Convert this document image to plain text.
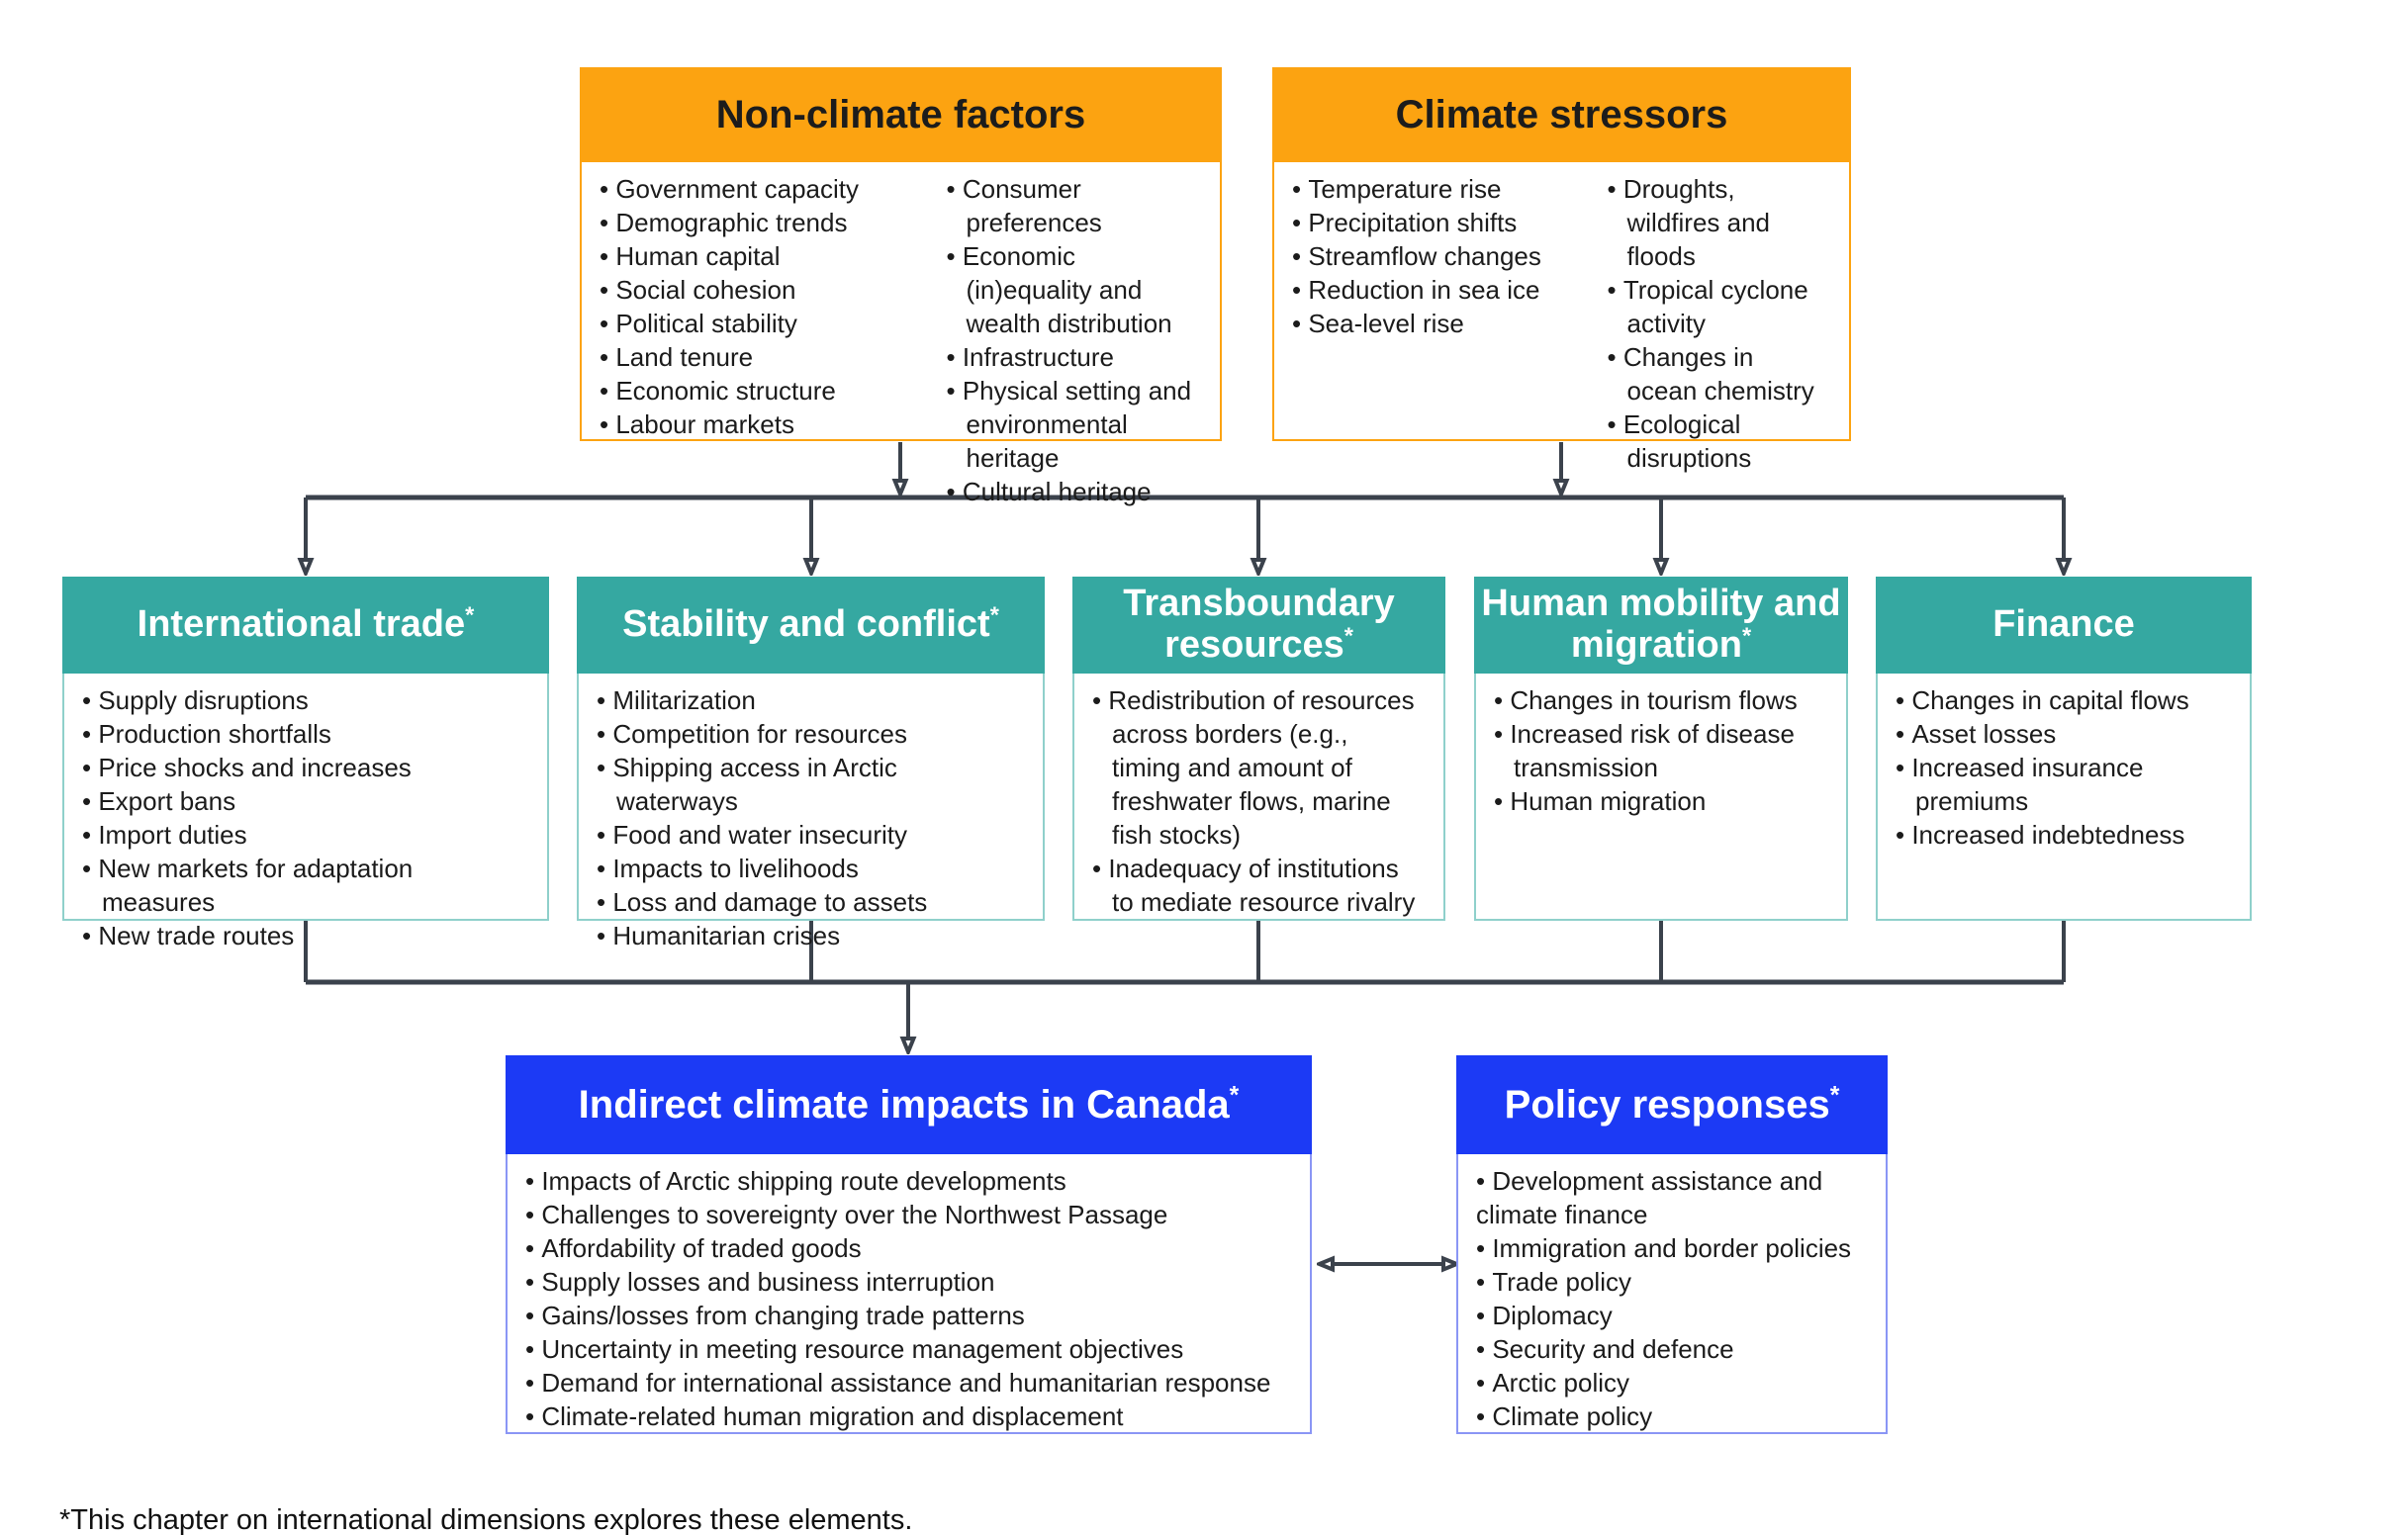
Non-climate factors
• Government capacity
• Demographic trends
• Human capital
• Social cohesion
• Political stability
• Land tenure
• Economic structure
• Labour markets
• Consumer preferences
• Economic (in)equality and wealth distribution
• Infrastructure
• Physical setting and environmental heritage
• Cultural heritage
Climate stressors
• Temperature rise
• Precipitation shifts
• Streamflow changes
• Reduction in sea ice
• Sea-level rise
• Droughts, wildfires and floods
• Tropical cyclone activity
• Changes in ocean chemistry
• Ecological disruptions
International trade*
• Supply disruptions
• Production shortfalls
• Price shocks and increases
• Export bans
• Import duties
• New markets for adaptation measures
• New trade routes
Stability and conflict*
• Militarization
• Competition for resources
• Shipping access in Arctic waterways
• Food and water insecurity
• Impacts to livelihoods
• Loss and damage to assets
• Humanitarian crises
Transboundary resources*
• Redistribution of resources across borders (e.g., timing and amount of freshwater flows, marine fish stocks)
• Inadequacy of institutions to mediate resource rivalry
Human mobility and migration*
• Changes in tourism flows
• Increased risk of disease transmission
• Human migration
Finance
• Changes in capital flows
• Asset losses
• Increased insurance premiums
• Increased indebtedness
Indirect climate impacts in Canada*
• Impacts of Arctic shipping route developments
• Challenges to sovereignty over the Northwest Passage
• Affordability of traded goods
• Supply losses and business interruption
• Gains/losses from changing trade patterns
• Uncertainty in meeting resource management objectives
• Demand for international assistance and humanitarian response
• Climate-related human migration and displacement
Policy responses*
• Development assistance and climate finance
• Immigration and border policies
• Trade policy
• Diplomacy
• Security and defence
• Arctic policy
• Climate policy

*This chapter on international dimensions explores these elements.
